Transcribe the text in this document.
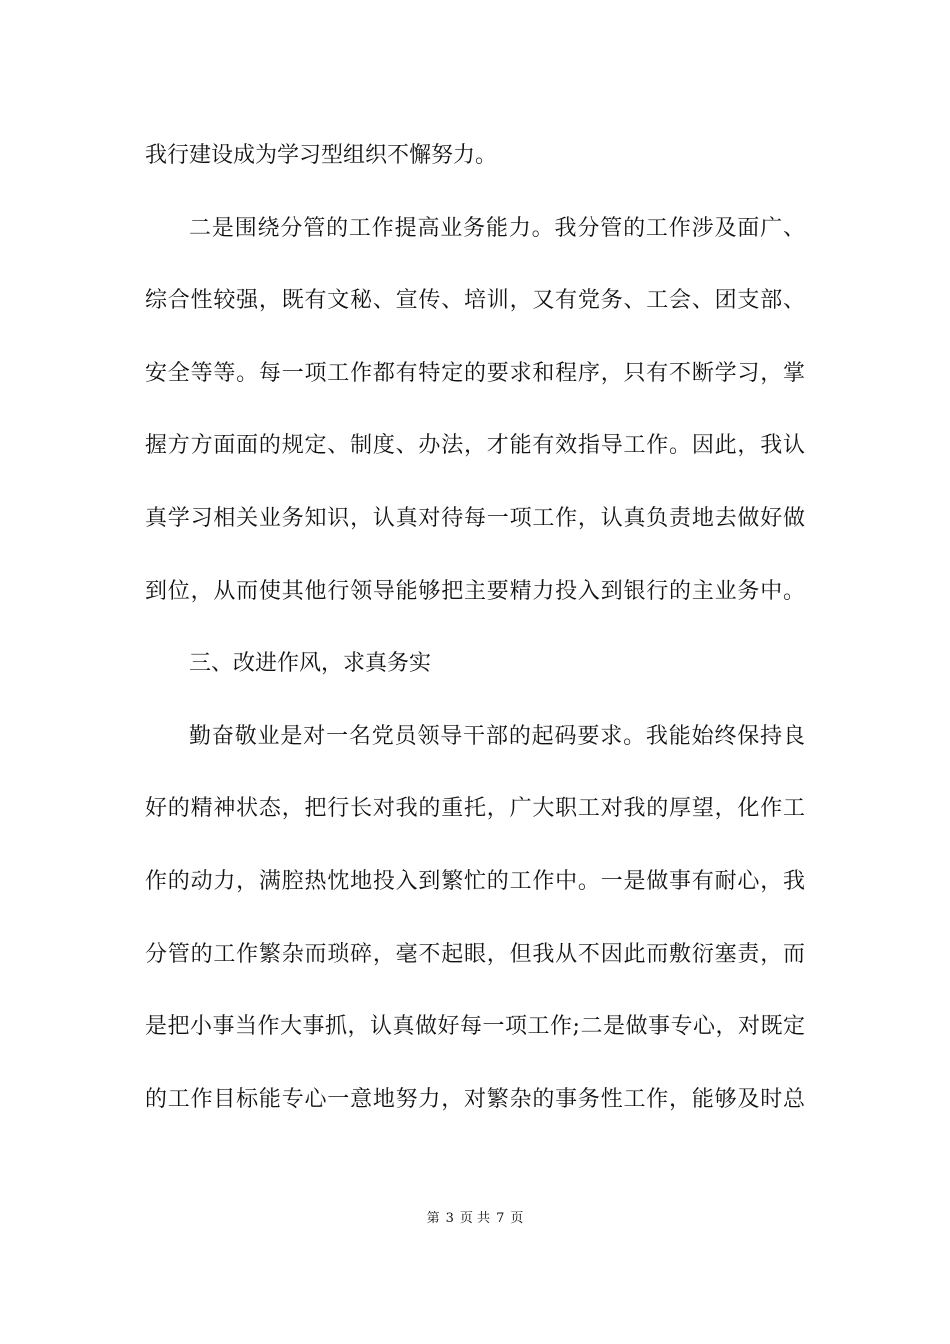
我行建设成为学习型组织不懈努力。
二是围绕分管的工作提高业务能力。我分管的工作涉及面广、
综合性较强，既有文秘、宣传、培训，又有党务、工会、团支部、
安全等等。每一项工作都有特定的要求和程序，只有不断学习，掌
握方方面面的规定、制度、办法，才能有效指导工作。因此，我认
真学习相关业务知识，认真对待每一项工作，认真负责地去做好做
到位，从而使其他行领导能够把主要精力投入到银行的主业务中。
三、改进作风，求真务实
勤奋敬业是对一名党员领导干部的起码要求。我能始终保持良
好的精神状态，把行长对我的重托，广大职工对我的厚望，化作工
作的动力，满腔热忱地投入到繁忙的工作中。一是做事有耐心，我
分管的工作繁杂而琐碎，毫不起眼，但我从不因此而敷衍塞责，而
是把小事当作大事抓，认真做好每一项工作;二是做事专心，对既定
的工作目标能专心一意地努力，对繁杂的事务性工作，能够及时总
第 3 页 共 7 页
